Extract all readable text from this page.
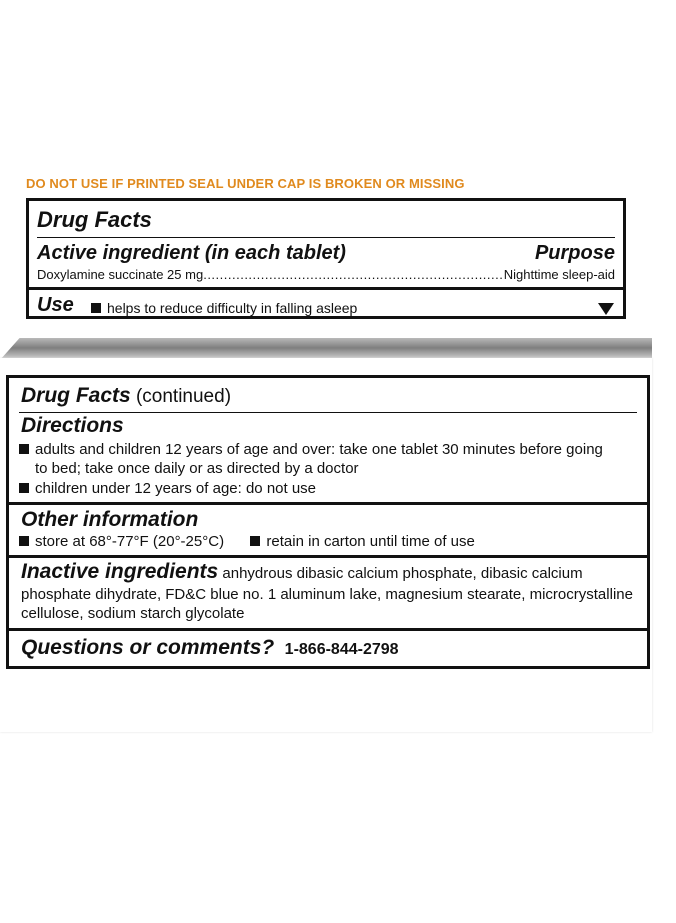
DO NOT USE IF PRINTED SEAL UNDER CAP IS BROKEN OR MISSING
Drug Facts
Active ingredient (in each tablet)	Purpose
Doxylamine succinate 25 mg
.....	Nighttime sleep-aid
Use	helps to reduce difficulty in falling asleep
Drug Facts (continued)
Directions
adults and children 12 years of age and over: take one tablet 30 minutes before going
to bed; take once daily or as directed by a doctor
children under 12 years of age: do not use
Other information
store at 68°-77°F (20°-25°C)	retain in carton until time of use
Inactive ingredients anhydrous dibasic calcium phosphate, dibasic calcium
phosphate dihydrate, FD&C blue no. 1 aluminum lake, magnesium stearate, microcrystalline
cellulose, sodium starch glycolate
Questions or comments? 1-866-844-2798
